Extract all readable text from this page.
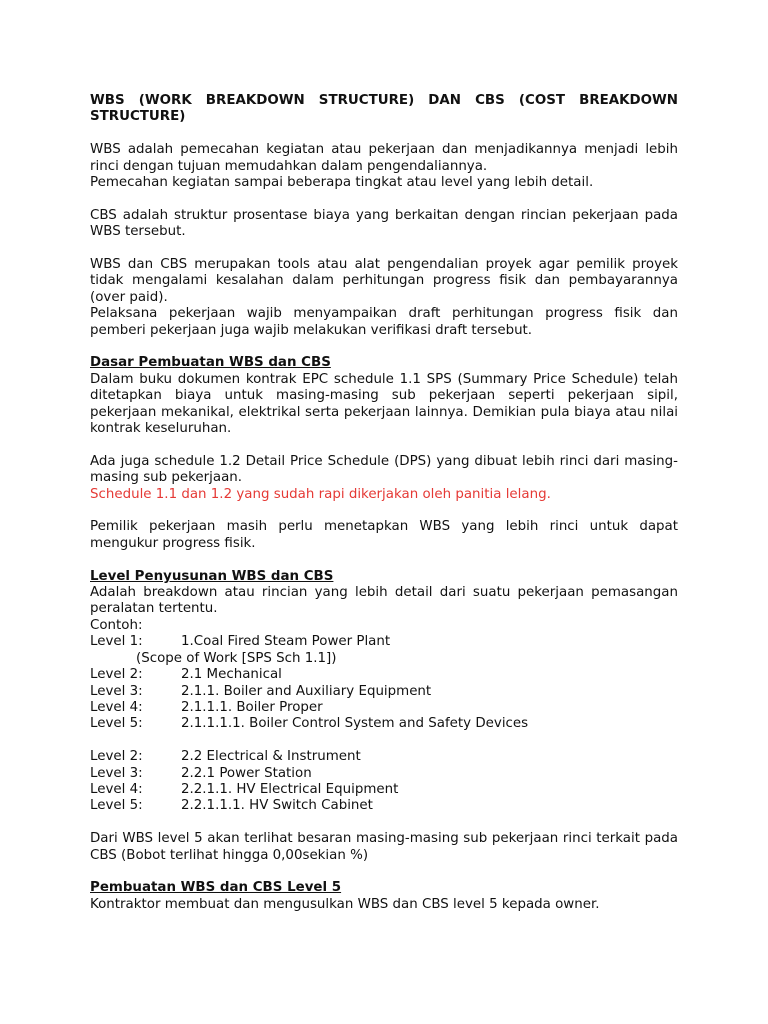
WBS (WORK BREAKDOWN STRUCTURE) DAN CBS (COST BREAKDOWN STRUCTURE)

WBS adalah pemecahan kegiatan atau pekerjaan dan menjadikannya menjadi lebih rinci dengan tujuan memudahkan dalam pengendaliannya.

Pemecahan kegiatan sampai beberapa tingkat atau level yang lebih detail.

CBS adalah struktur prosentase biaya yang berkaitan dengan rincian pekerjaan pada WBS tersebut.

WBS dan CBS merupakan tools atau alat pengendalian proyek agar pemilik proyek tidak mengalami kesalahan dalam perhitungan progress fisik dan pembayarannya (over paid).

Pelaksana pekerjaan wajib menyampaikan draft perhitungan progress fisik dan pemberi pekerjaan juga wajib melakukan verifikasi draft tersebut.

Dasar Pembuatan WBS dan CBS

Dalam buku dokumen kontrak EPC schedule 1.1 SPS (Summary Price Schedule) telah ditetapkan biaya untuk masing-masing sub pekerjaan seperti pekerjaan sipil, pekerjaan mekanikal, elektrikal serta pekerjaan lainnya. Demikian pula biaya atau nilai kontrak keseluruhan.

Ada juga schedule 1.2 Detail Price Schedule (DPS) yang dibuat lebih rinci dari masing-masing sub pekerjaan.

Schedule 1.1 dan 1.2 yang sudah rapi dikerjakan oleh panitia lelang.

Pemilik pekerjaan masih perlu menetapkan WBS yang lebih rinci untuk dapat mengukur progress fisik.

Level Penyusunan WBS dan CBS

Adalah breakdown atau rincian yang lebih detail dari suatu pekerjaan pemasangan peralatan tertentu.

Contoh:

Level 1:	1.Coal Fired Steam Power Plant

(Scope of Work [SPS Sch 1.1])

Level 2:	2.1 Mechanical
Level 3:	2.1.1. Boiler and Auxiliary Equipment
Level 4:	2.1.1.1. Boiler Proper
Level 5:	2.1.1.1.1. Boiler Control System and Safety Devices
Level 2:	2.2 Electrical & Instrument
Level 3:	2.2.1 Power Station
Level 4:	2.2.1.1. HV Electrical Equipment
Level 5:	2.2.1.1.1. HV Switch Cabinet

Dari WBS level 5 akan terlihat besaran masing-masing sub pekerjaan rinci terkait pada CBS (Bobot terlihat hingga 0,00sekian %)

Pembuatan WBS dan CBS Level 5

Kontraktor membuat dan mengusulkan WBS dan CBS level 5 kepada owner.
